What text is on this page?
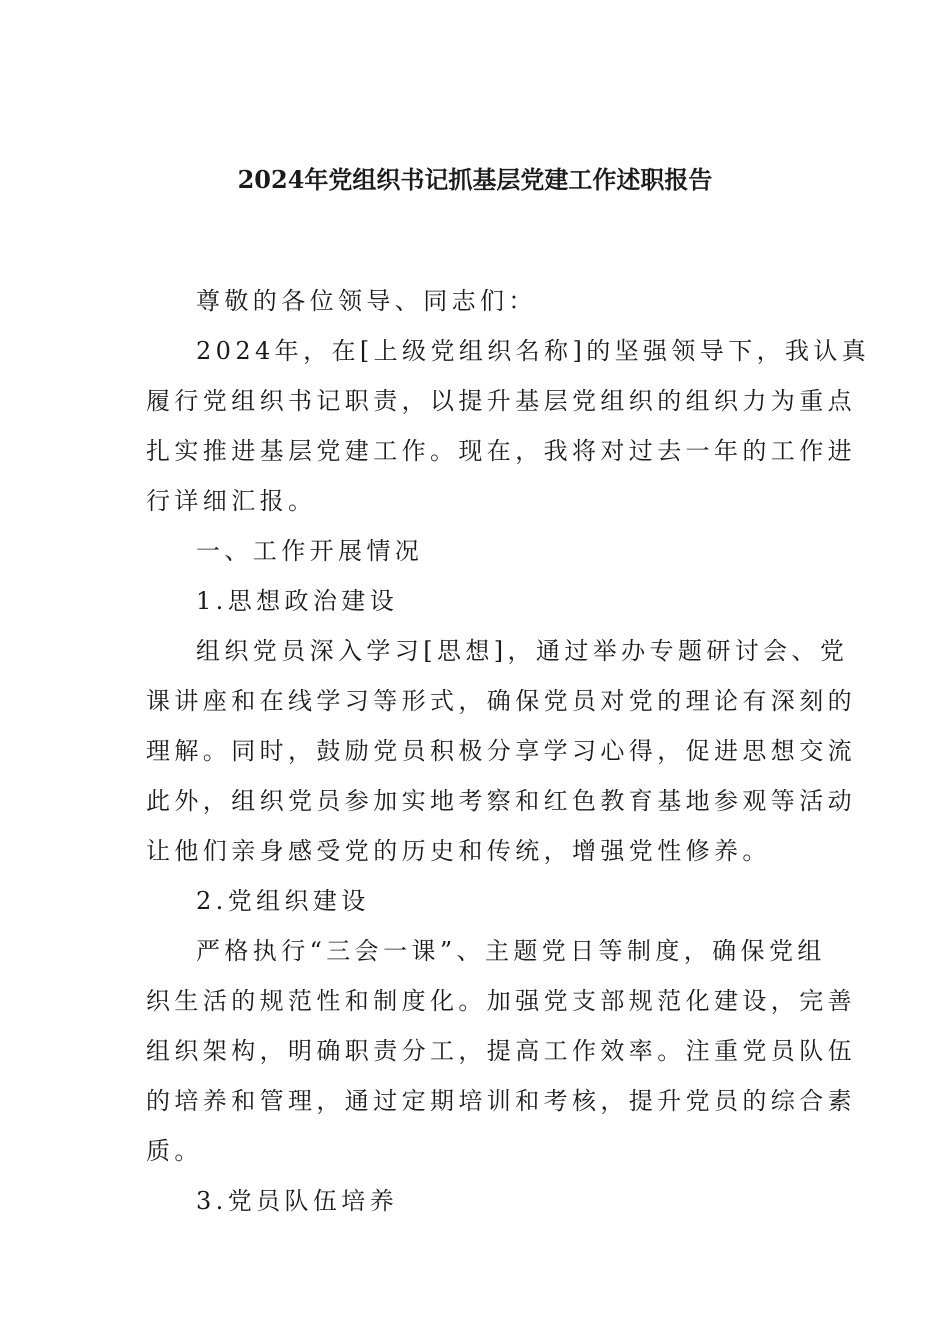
2024年党组织书记抓基层党建工作述职报告
尊敬的各位领导、同志们：
2024年，在[上级党组织名称]的坚强领导下，我认真
履行党组织书记职责，以提升基层党组织的组织力为重点
扎实推进基层党建工作。现在，我将对过去一年的工作进
行详细汇报。
一、工作开展情况
1.思想政治建设
组织党员深入学习[思想]，通过举办专题研讨会、党
课讲座和在线学习等形式，确保党员对党的理论有深刻的
理解。同时，鼓励党员积极分享学习心得，促进思想交流
此外，组织党员参加实地考察和红色教育基地参观等活动
让他们亲身感受党的历史和传统，增强党性修养。
2.党组织建设
严格执行“三会一课”、主题党日等制度，确保党组
织生活的规范性和制度化。加强党支部规范化建设，完善
组织架构，明确职责分工，提高工作效率。注重党员队伍
的培养和管理，通过定期培训和考核，提升党员的综合素
质。
3.党员队伍培养
